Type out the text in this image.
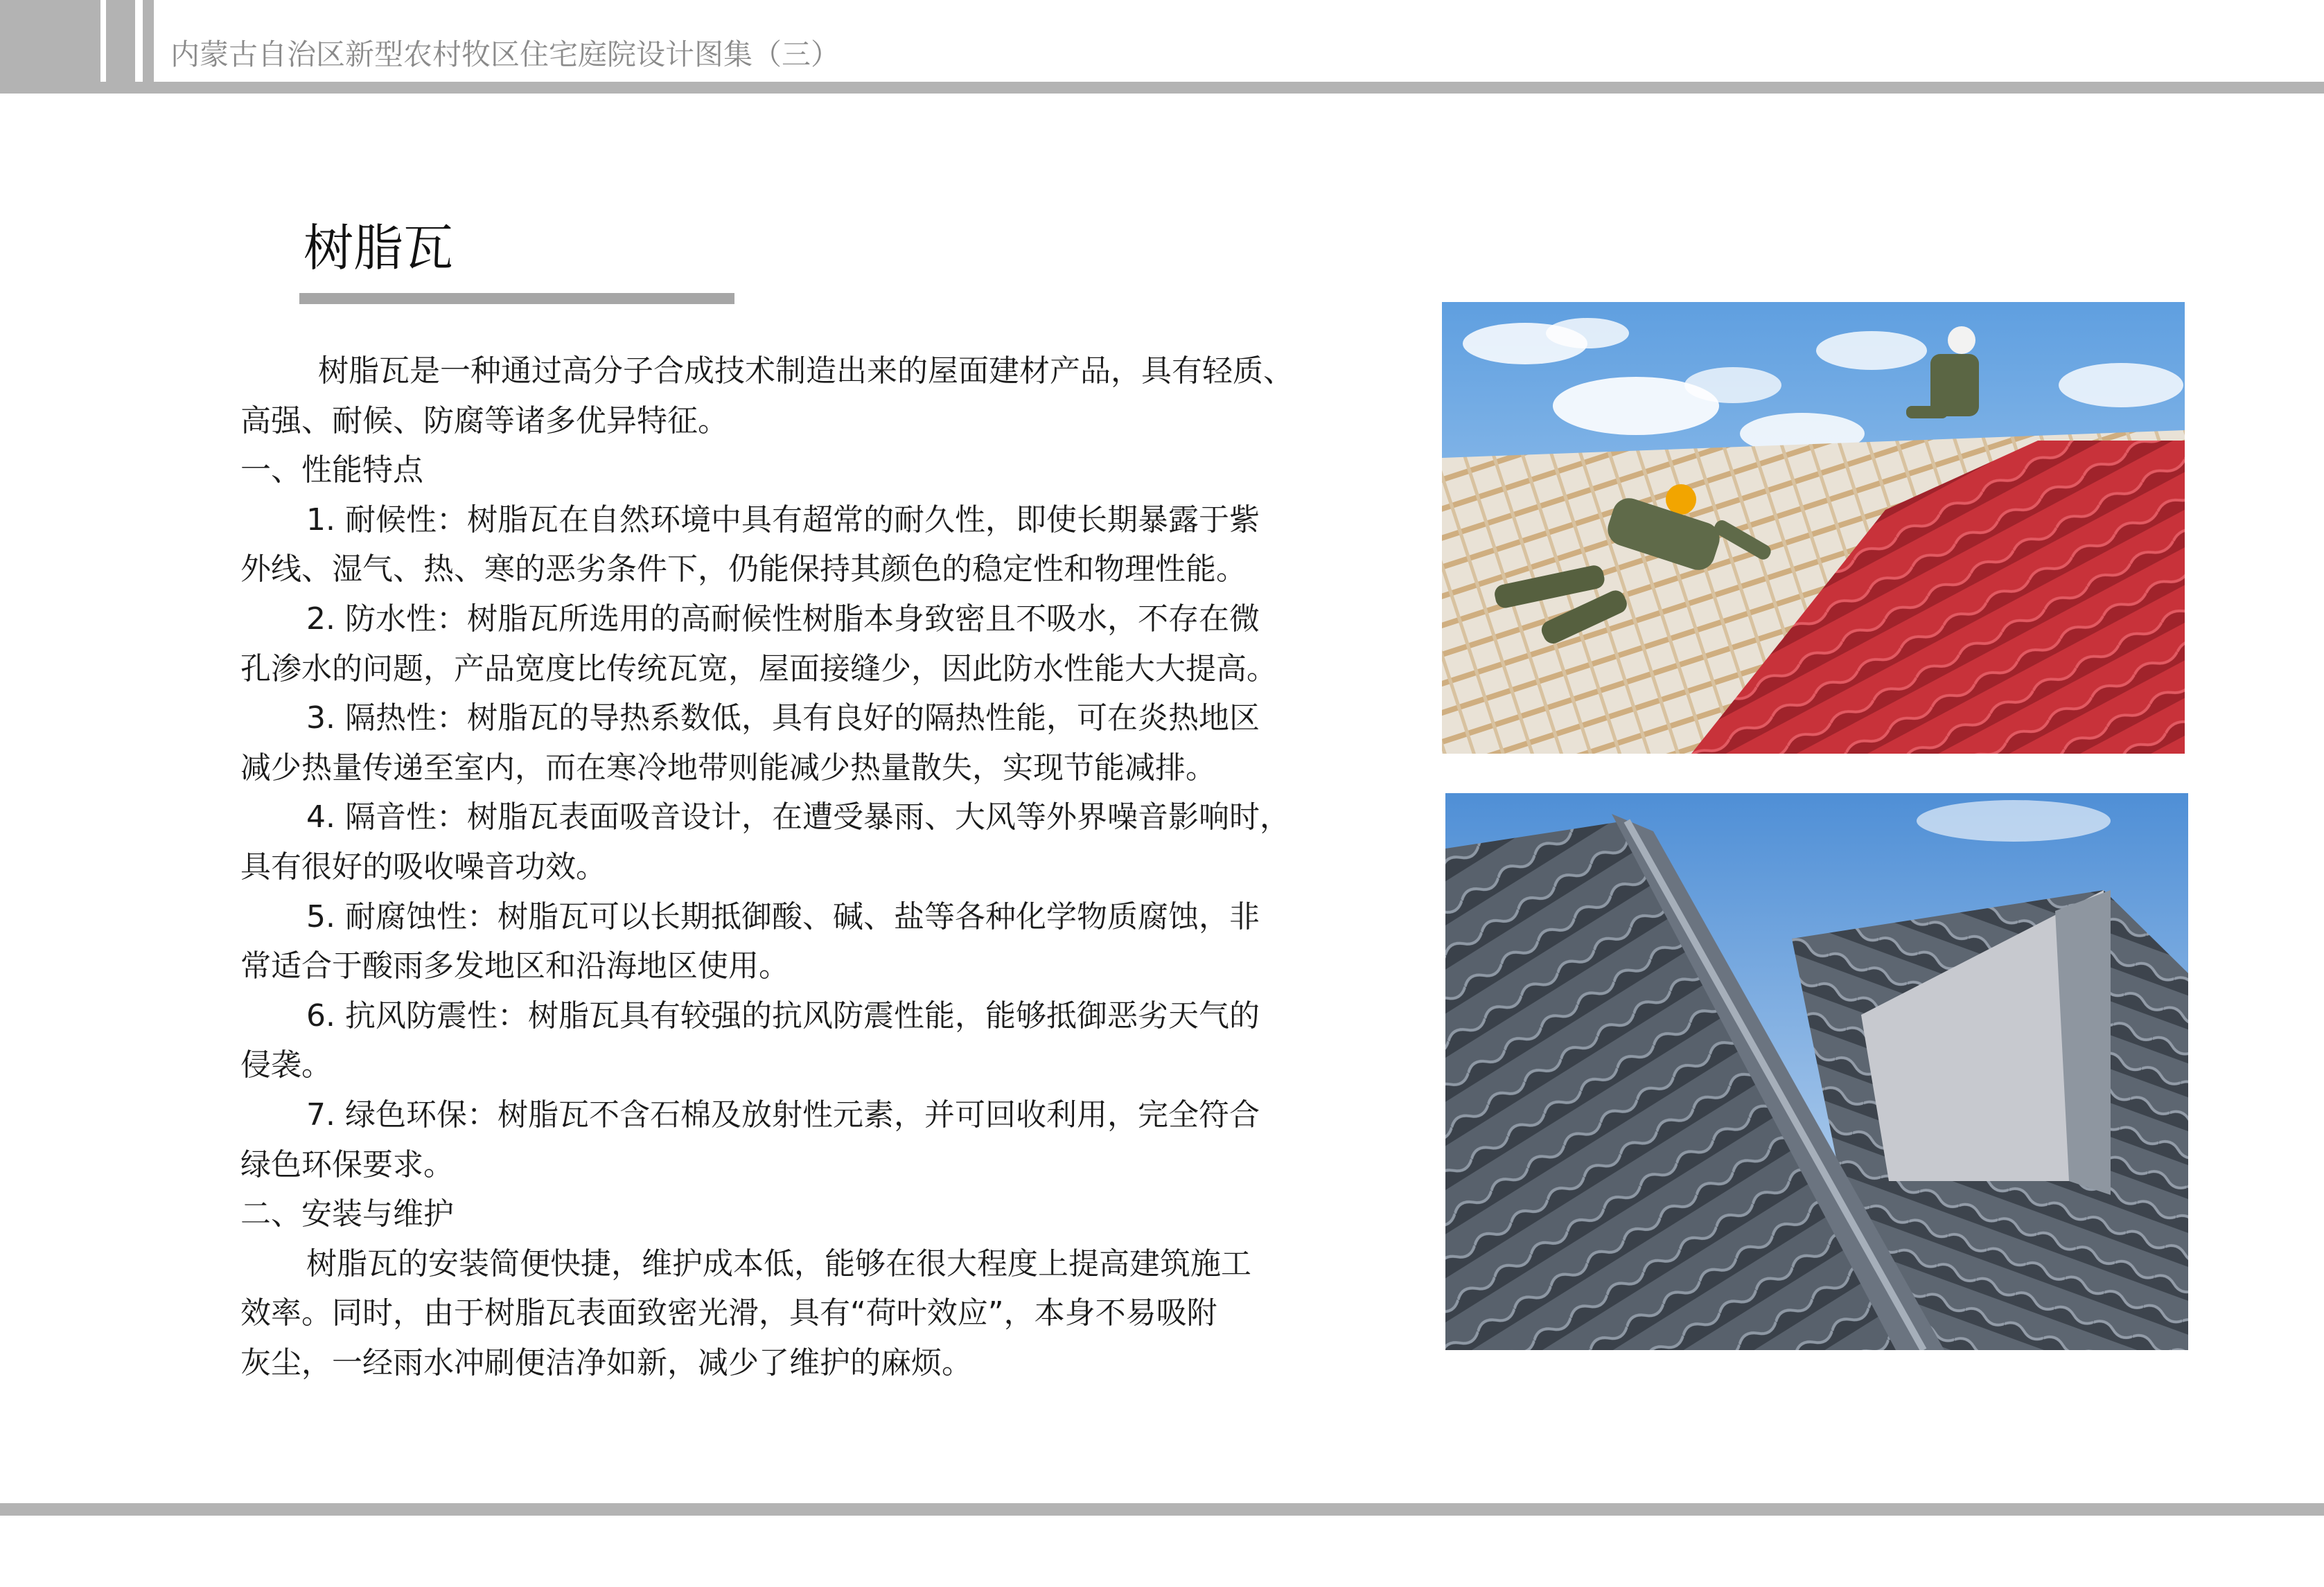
内蒙古自治区新型农村牧区住宅庭院设计图集（三）
树脂瓦
树脂瓦是一种通过高分子合成技术制造出来的屋面建材产品，具有轻质、
高强、耐候、防腐等诸多优异特征。
一、性能特点
1. 耐候性：树脂瓦在自然环境中具有超常的耐久性，即使长期暴露于紫
外线、湿气、热、寒的恶劣条件下，仍能保持其颜色的稳定性和物理性能。
2. 防水性：树脂瓦所选用的高耐候性树脂本身致密且不吸水，不存在微
孔渗水的问题，产品宽度比传统瓦宽，屋面接缝少，因此防水性能大大提高。
3. 隔热性：树脂瓦的导热系数低，具有良好的隔热性能，可在炎热地区
减少热量传递至室内，而在寒冷地带则能减少热量散失，实现节能减排。
4. 隔音性：树脂瓦表面吸音设计，在遭受暴雨、大风等外界噪音影响时，
具有很好的吸收噪音功效。
5. 耐腐蚀性：树脂瓦可以长期抵御酸、碱、盐等各种化学物质腐蚀，非
常适合于酸雨多发地区和沿海地区使用。
6. 抗风防震性：树脂瓦具有较强的抗风防震性能，能够抵御恶劣天气的
侵袭。
7. 绿色环保：树脂瓦不含石棉及放射性元素，并可回收利用，完全符合
绿色环保要求。
二、安装与维护
树脂瓦的安装简便快捷，维护成本低，能够在很大程度上提高建筑施工
效率。同时，由于树脂瓦表面致密光滑，具有“荷叶效应”，本身不易吸附
灰尘，一经雨水冲刷便洁净如新，减少了维护的麻烦。
